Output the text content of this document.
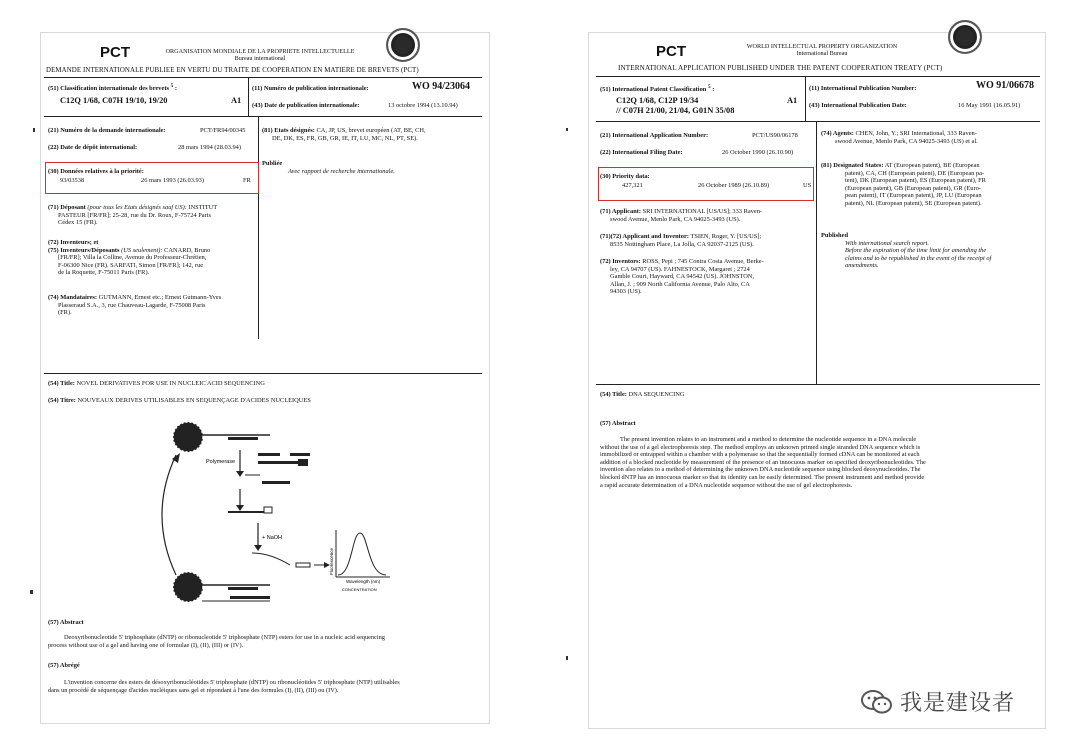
PCT	ORGANISATION MONDIALE DE LA PROPRIETE INTELLECTUELLE
Bureau international
DEMANDE INTERNATIONALE PUBLIEE EN VERTU DU TRAITE DE COOPERATION EN MATIERE DE BREVETS (PCT)
(51) Classification internationale des brevets $^5$ :
C12Q 1/68, C07H 19/10, 19/20	A1
(11) Numéro de publication internationale:	WO 94/23064
(43) Date de publication internationale:	13 octobre 1994 (13.10.94)
(21) Numéro de la demande internationale:	PCT/FR94/00345
(22) Date de dépôt international:	28 mars 1994 (28.03.94)
(30) Données relatives à la priorité:
93/03538	26 mars 1993 (26.03.93)	FR
(81) Etats désignés: CA, JP, US, brevet européen (AT, BE, CH,
DE, DK, ES, FR, GB, GR, IE, IT, LU, MC, NL, PT, SE).
Publiée
Avec rapport de recherche internationale.
(71) Déposant (pour tous les Etats désignés sauf US): INSTITUT
PASTEUR [FR/FR]; 25-28, rue du Dr. Roux, F-75724 Paris
Cédex 15 (FR).
(72) Inventeurs; et
(75) Inventeurs/Déposants (US seulement): CANARD, Bruno
[FR/FR]; Villa la Colline, Avenue du Professeur-Chrétien,
F-06300 Nice (FR). SARFATI, Simon [FR/FR]; 142, rue
de la Roquette, F-75011 Paris (FR).
(74) Mandataires: GUTMANN, Ernest etc.; Ernest Gutmann-Yves
Plasseraud S.A., 3, rue Chauveau-Lagarde, F-75008 Paris
(FR).
(54) Title: NOVEL DERIVATIVES FOR USE IN NUCLEIC ACID SEQUENCING
(54) Titre: NOUVEAUX DERIVES UTILISABLES EN SEQUENÇAGE D'ACIDES NUCLEIQUES
Polymerase
+ NaOH
Fluorescence
Wavelength (nm)
CONCENTRATION
(57) Abstract
Deoxyribonucleotide 5' triphosphate (dNTP) or ribonucleotide 5' triphosphate (NTP) esters for use in a nucleic acid sequencing
process without use of a gel and having one of formulae (I), (II), (III) or (IV).
(57) Abrégé
L'invention concerne des esters de désoxyribonucléotides 5' triphosphate (dNTP) ou ribonucléotides 5' triphosphate (NTP) utilisables
dans un procédé de séquençage d'acides nucléiques sans gel et répondant à l'une des formules (I), (II), (III) ou (IV).
PCT	WORLD INTELLECTUAL PROPERTY ORGANIZATION
International Bureau
INTERNATIONAL APPLICATION PUBLISHED UNDER THE PATENT COOPERATION TREATY (PCT)
(51) International Patent Classification $^5$ :
C12Q 1/68, C12P 19/34
// C07H 21/00, 21/04, G01N 35/08
A1
(11) International Publication Number:	WO 91/06678
(43) International Publication Date:	16 May 1991 (16.05.91)
(21) International Application Number:	PCT/US90/06178
(22) International Filing Date:	26 October 1990 (26.10.90)
(30) Priority data:
427,321	26 October 1989 (26.10.89)	US
(71) Applicant: SRI INTERNATIONAL [US/US]; 333 Raven-
swood Avenue, Menlo Park, CA 94025-3493 (US).
(71)(72) Applicant and Inventor: TSIEN, Roger, Y. [US/US];
8535 Nottingham Place, La Jolla, CA 92037-2125 (US).
(72) Inventors: ROSS, Pepi ; 745 Contra Costa Avenue, Berke-
ley, CA 94707 (US). FAHNESTOCK, Margaret ; 2724
Gamble Court, Hayward, CA 94542 (US). JOHNSTON,
Allan, J. ; 909 North California Avenue, Palo Alto, CA
94303 (US).
(74) Agents: CHEN, John, Y.; SRI International, 333 Raven-
swood Avenue, Menlo Park, CA 94025-3493 (US) et al.
(81) Designated States: AT (European patent), BE (European
patent), CA, CH (European patent), DE (European pa-
tent), DK (European patent), ES (European patent), FR
(European patent), GB (European patent), GR (Euro-
pean patent), IT (European patent), JP, LU (European
patent), NL (European patent), SE (European patent).
Published
With international search report.
Before the expiration of the time limit for amending the
claims and to be republished in the event of the receipt of
amendments.
(54) Title: DNA SEQUENCING
(57) Abstract
The present invention relates to an instrument and a method to determine the nucleotide sequence in a DNA molecule
without the use of a gel electrophoresis step. The method employs an unknown primed single stranded DNA sequence which is
immobilized or entrapped within a chamber with a polymerase so that the sequentially formed cDNA can be monitored at each
addition of a blocked nucleotide by measurement of the presence of an innocuous marker on specified deoxyribonucleotides. The
invention also relates to a method of determining the unknown DNA nucleotide sequence using blocked deoxynucleotides. The
blocked dNTP has an innocuous marker so that its identity can be easily determined. The present instrument and method provide
a rapid accurate determination of a DNA nucleotide sequence without the use of gel electrophoresis.
我是建设者
